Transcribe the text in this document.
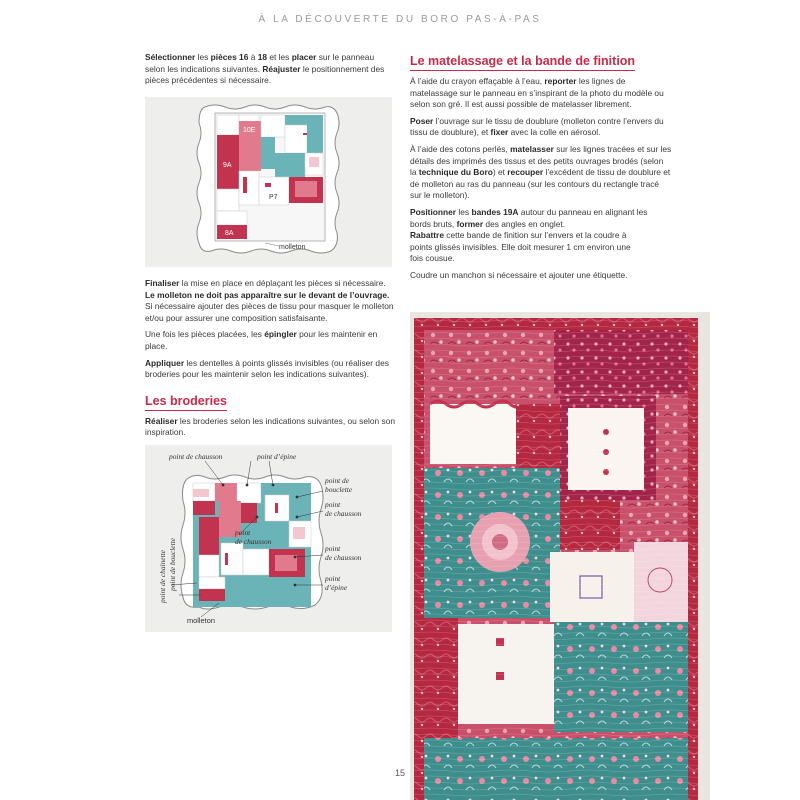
À LA DÉCOUVERTE DU BORO PAS-À-PAS

Sélectionner les pièces 16 à 18 et les placer sur le panneau selon les indications suivantes. Réajuster le positionnement des pièces précédentes si nécessaire.

10E
9A
P7
8A
molleton

Finaliser la mise en place en déplaçant les pièces si nécessaire.
Le molleton ne doit pas apparaître sur le devant de l’ouvrage. Si nécessaire ajouter des pièces de tissu pour masquer le molleton et/ou pour assurer une composition satisfaisante.

Une fois les pièces placées, les épingler pour les maintenir en place.

Appliquer les dentelles à points glissés invisibles (ou réaliser des broderies pour les maintenir selon les indications suivantes).

Les broderies

Réaliser les broderies selon les indications suivantes, ou selon son inspiration.

point de chausson	point d’épine
point de
bouclette
point
de chausson
point
de chausson
point
d’épine
point
de chausson
point de chainette point de bouclette
molleton
Le matelassage et la bande de finition

À l’aide du crayon effaçable à l’eau, reporter les lignes de matelassage sur le panneau en s’inspirant de la photo du modèle ou selon son gré. Il est aussi possible de matelasser librement.

Poser l’ouvrage sur le tissu de doublure (molleton contre l’envers du tissu de doublure), et fixer avec la colle en aérosol.

À l’aide des cotons perlés, matelasser sur les lignes tracées et sur les détails des imprimés des tissus et des petits ouvrages brodés (selon la technique du Boro) et recouper l’excédent de tissu de doublure et de molleton au ras du panneau (sur les contours du rectangle tracé sur le molleton).

Positionner les bandes 19A autour du panneau en alignant les bords bruts, former des angles en onglet.

Rabattre cette bande de finition sur l’envers et la coudre à points glissés invisibles. Elle doit mesurer 1 cm environ une fois cousue.

Coudre un manchon si nécessaire et ajouter une étiquette.

15
